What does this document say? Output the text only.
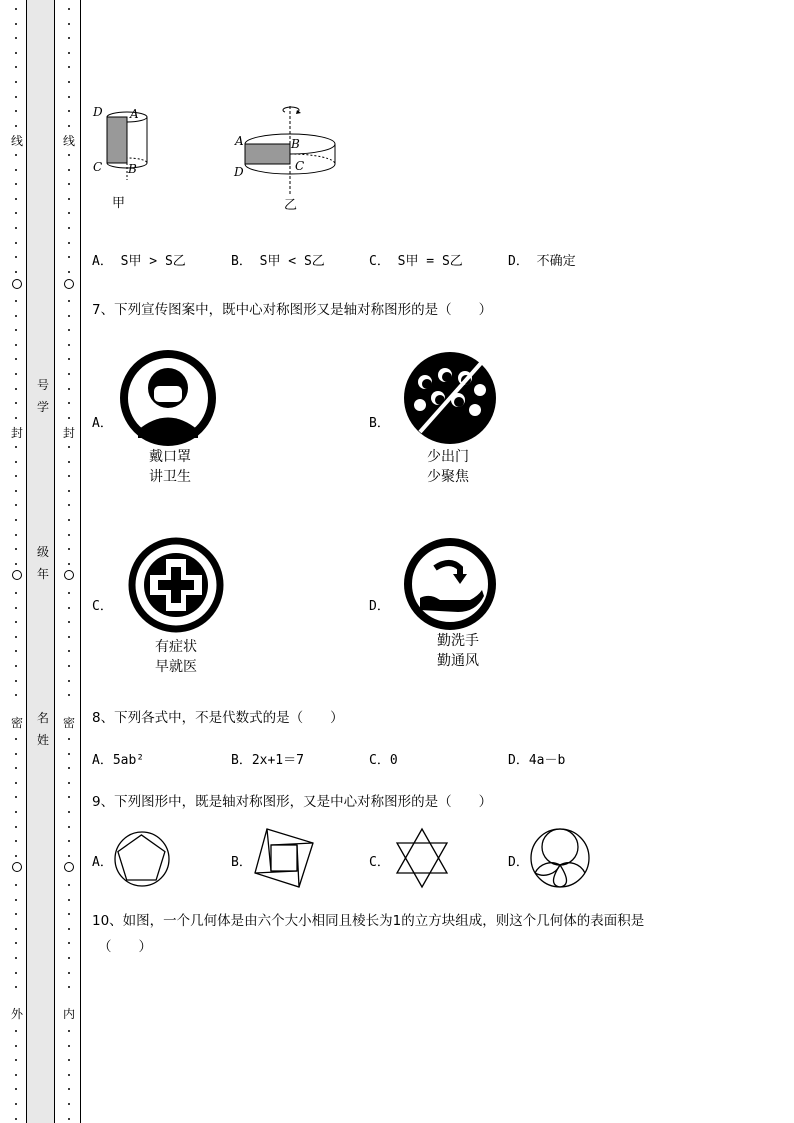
线
封
密
外
线
封
密
内
号
学
级
年
名
姓
D A
C B
甲
A	B
D	C
乙
A． S甲 > S乙	B． S甲 < S乙	C． S甲 = S乙	D． 不确定
7、下列宣传图案中，既中心对称图形又是轴对称图形的是（　　）
A．
戴口罩
讲卫生
B．
少出门
少聚焦
C．
有症状
早就医
D．
勤洗手
勤通风
8、下列各式中，不是代数式的是（　　）
A．5ab²	B．2x+1＝7	C．0	D．4a－b
9、下列图形中，既是轴对称图形，又是中心对称图形的是（　　）
A．	B．	C．	D．
10、如图，一个几何体是由六个大小相同且棱长为1的立方块组成，则这个几何体的表面积是
（　　）
